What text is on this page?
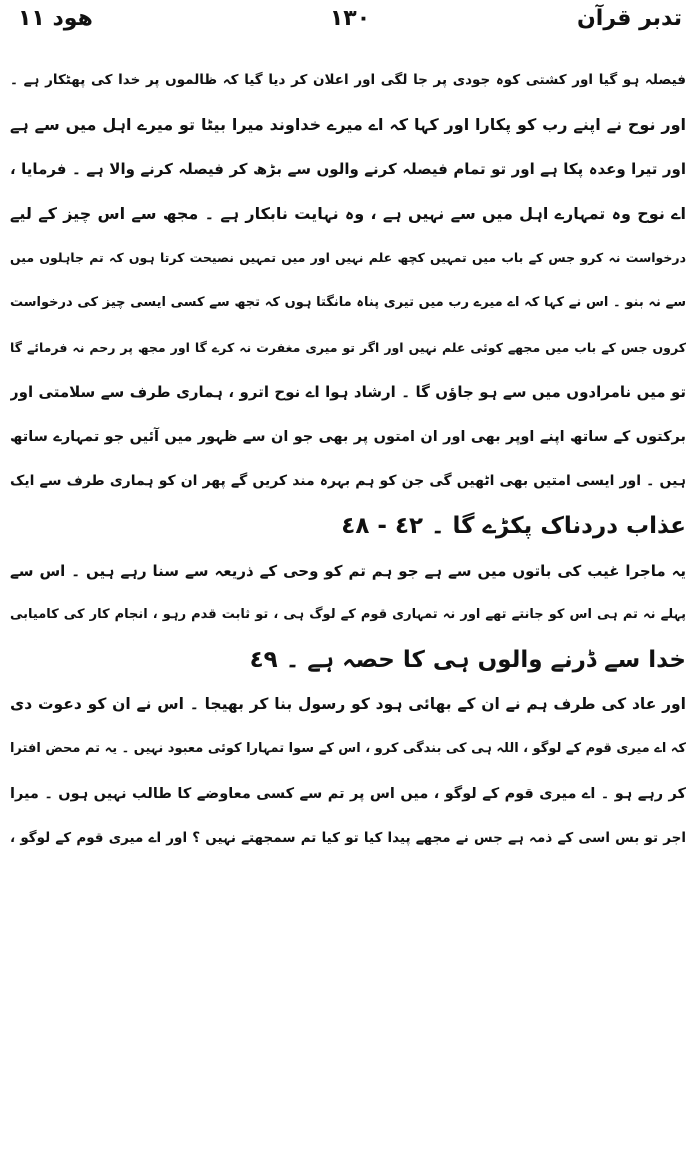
تدبر قرآن
١٣٠
ھود ١١
فیصلہ ہو گیا اور کشتی کوہ جودی پر جا لگی اور اعلان کر دیا گیا کہ ظالموں پر خدا کی پھٹکار ہے ۔
اور نوح نے اپنے رب کو پکارا اور کہا کہ اے میرے خداوند میرا بیٹا تو میرے اہل میں سے ہے
اور تیرا وعدہ پکا ہے اور تو تمام فیصلہ کرنے والوں سے بڑھ کر فیصلہ کرنے والا ہے ۔ فرمایا ،
اے نوح وہ تمہارے اہل میں سے نہیں ہے ، وہ نہایت نابکار ہے ۔ مجھ سے اس چیز کے لیے
درخواست نہ کرو جس کے باب میں تمہیں کچھ علم نہیں اور میں تمہیں نصیحت کرتا ہوں کہ تم جاہلوں میں
سے نہ بنو ۔ اس نے کہا کہ اے میرے رب میں تیری پناہ مانگتا ہوں کہ تجھ سے کسی ایسی چیز کی درخواست
کروں جس کے باب میں مجھے کوئی علم نہیں اور اگر تو میری مغفرت نہ کرے گا اور مجھ پر رحم نہ فرمائے گا
تو میں نامرادوں میں سے ہو جاؤں گا ۔ ارشاد ہوا اے نوح اترو ، ہماری طرف سے سلامتی اور
برکتوں کے ساتھ اپنے اوپر بھی اور ان امتوں پر بھی جو ان سے ظہور میں آئیں جو تمہارے ساتھ
ہیں ۔ اور ایسی امتیں بھی اٹھیں گی جن کو ہم بہرہ مند کریں گے پھر ان کو ہماری طرف سے ایک
عذاب دردناک پکڑے گا ۔ ٤٢ - ٤٨
یہ ماجرا غیب کی باتوں میں سے ہے جو ہم تم کو وحی کے ذریعہ سے سنا رہے ہیں ۔ اس سے
پہلے نہ تم ہی اس کو جانتے تھے اور نہ تمہاری قوم کے لوگ ہی ، تو ثابت قدم رہو ، انجام کار کی کامیابی
خدا سے ڈرنے والوں ہی کا حصہ ہے ۔ ٤٩
اور عاد کی طرف ہم نے ان کے بھائی ہود کو رسول بنا کر بھیجا ۔ اس نے ان کو دعوت دی
کہ اے میری قوم کے لوگو ، اللہ ہی کی بندگی کرو ، اس کے سوا تمہارا کوئی معبود نہیں ۔ یہ تم محض افترا
کر رہے ہو ۔ اے میری قوم کے لوگو ، میں اس پر تم سے کسی معاوضے کا طالب نہیں ہوں ۔ میرا
اجر تو بس اسی کے ذمہ ہے جس نے مجھے پیدا کیا تو کیا تم سمجھتے نہیں ؟ اور اے میری قوم کے لوگو ،
